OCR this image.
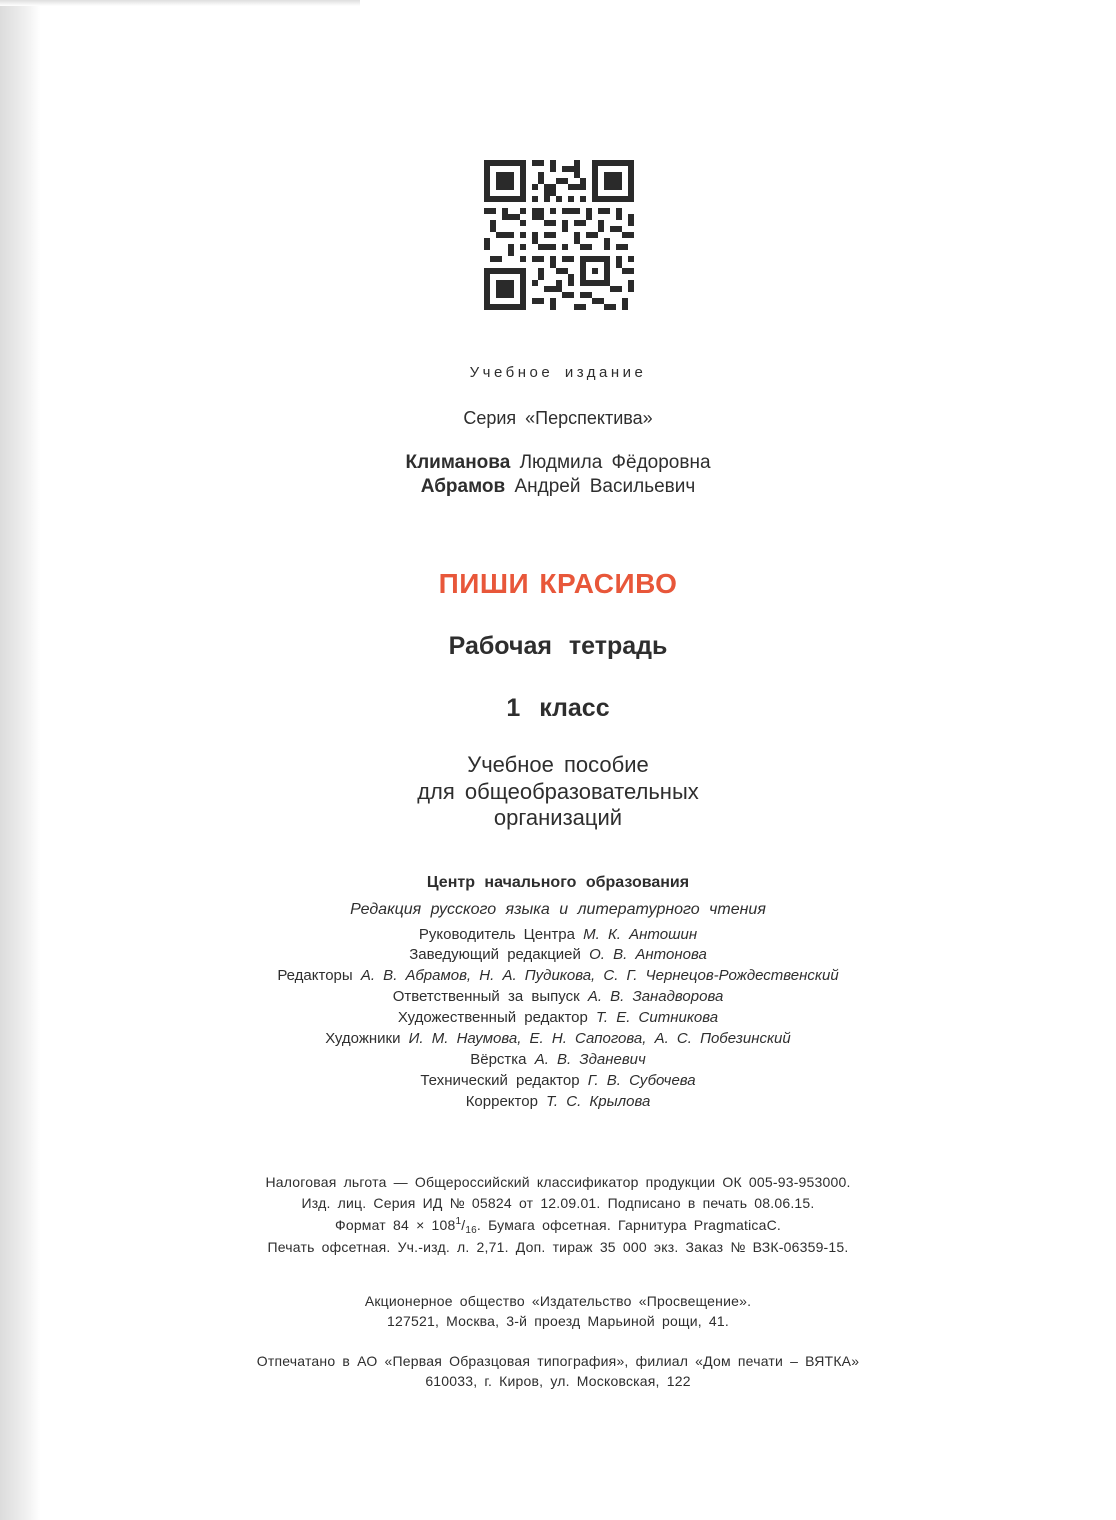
Учебное издание
Серия «Перспектива»
Климанова Людмила Фёдоровна
Абрамов Андрей Васильевич
ПИШИ КРАСИВО
Рабочая тетрадь
1 класс
Учебное пособие
для общеобразовательных
организаций
Центр начального образования
Редакция русского языка и литературного чтения
Руководитель Центра М. К. Антошин
Заведующий редакцией О. В. Антонова
Редакторы А. В. Абрамов, Н. А. Пудикова, С. Г. Чернецов-Рождественский
Ответственный за выпуск А. В. Занадворова
Художественный редактор Т. Е. Ситникова
Художники И. М. Наумова, Е. Н. Сапогова, А. С. Побезинский
Вёрстка А. В. Зданевич
Технический редактор Г. В. Субочева
Корректор Т. С. Крылова
Налоговая льгота — Общероссийский классификатор продукции ОК 005-93-953000.
Изд. лиц. Серия ИД № 05824 от 12.09.01. Подписано в печать 08.06.15.
Формат $84 \times 108^1/_{16}$. Бумага офсетная. Гарнитура PragmaticaC.
Печать офсетная. Уч.-изд. л. 2,71. Доп. тираж 35 000 экз. Заказ № ВЗК-06359-15.
Акционерное общество «Издательство «Просвещение».
127521, Москва, 3-й проезд Марьиной рощи, 41.
Отпечатано в АО «Первая Образцовая типография», филиал «Дом печати – ВЯТКА»
610033, г. Киров, ул. Московская, 122
